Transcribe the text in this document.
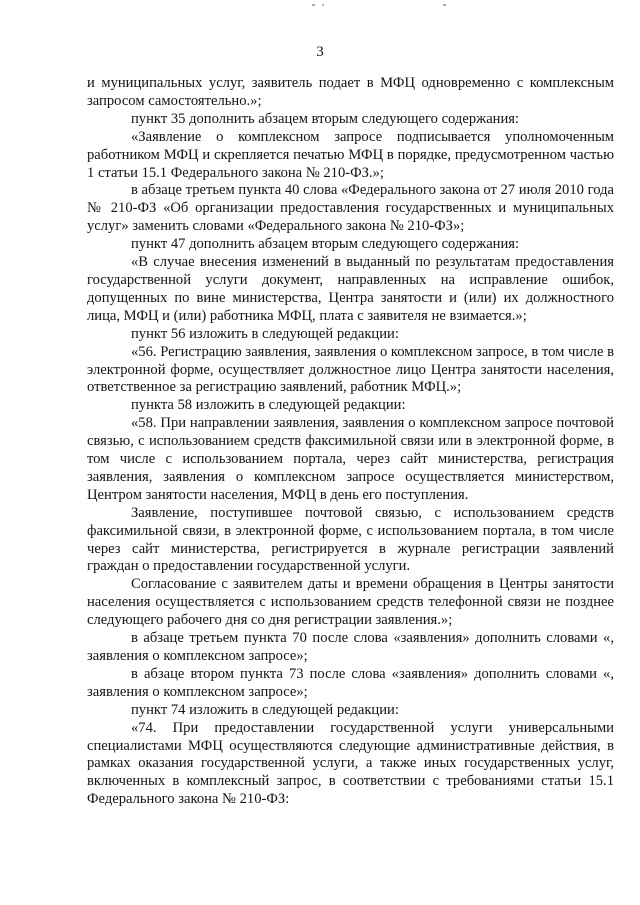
3

и муниципальных услуг, заявитель подает в МФЦ одновременно с комплексным запросом самостоятельно.»;

пункт 35 дополнить абзацем вторым следующего содержания:

«Заявление о комплексном запросе подписывается уполномоченным работником МФЦ и скрепляется печатью МФЦ в порядке, предусмотренном частью 1 статьи 15.1 Федерального закона № 210-ФЗ.»;

в абзаце третьем пункта 40 слова «Федерального закона от 27 июля 2010 года № 210-ФЗ «Об организации предоставления государственных и муниципальных услуг» заменить словами «Федерального закона № 210-ФЗ»;

пункт 47 дополнить абзацем вторым следующего содержания:

«В случае внесения изменений в выданный по результатам предоставления государственной услуги документ, направленных на исправление ошибок, допущенных по вине министерства, Центра занятости и (или) их должностного лица, МФЦ и (или) работника МФЦ, плата с заявителя не взимается.»;

пункт 56 изложить в следующей редакции:

«56. Регистрацию заявления, заявления о комплексном запросе, в том числе в электронной форме, осуществляет должностное лицо Центра занятости населения, ответственное за регистрацию заявлений, работник МФЦ.»;

пункта 58 изложить в следующей редакции:

«58. При направлении заявления, заявления о комплексном запросе почтовой связью, с использованием средств факсимильной связи или в электронной форме, в том числе с использованием портала, через сайт министерства, регистрация заявления, заявления о комплексном запросе осуществляется министерством, Центром занятости населения, МФЦ в день его поступления.

Заявление, поступившее почтовой связью, с использованием средств факсимильной связи, в электронной форме, с использованием портала, в том числе через сайт министерства, регистрируется в журнале регистрации заявлений граждан о предоставлении государственной услуги.

Согласование с заявителем даты и времени обращения в Центры занятости населения осуществляется с использованием средств телефонной связи не позднее следующего рабочего дня со дня регистрации заявления.»;

в абзаце третьем пункта 70 после слова «заявления» дополнить словами «, заявления о комплексном запросе»;

в абзаце втором пункта 73 после слова «заявления» дополнить словами «, заявления о комплексном запросе»;

пункт 74 изложить в следующей редакции:

«74. При предоставлении государственной услуги универсальными специалистами МФЦ осуществляются следующие административные действия, в рамках оказания государственной услуги, а также иных государственных услуг, включенных в комплексный запрос, в соответствии с требованиями статьи 15.1 Федерального закона № 210-ФЗ:
